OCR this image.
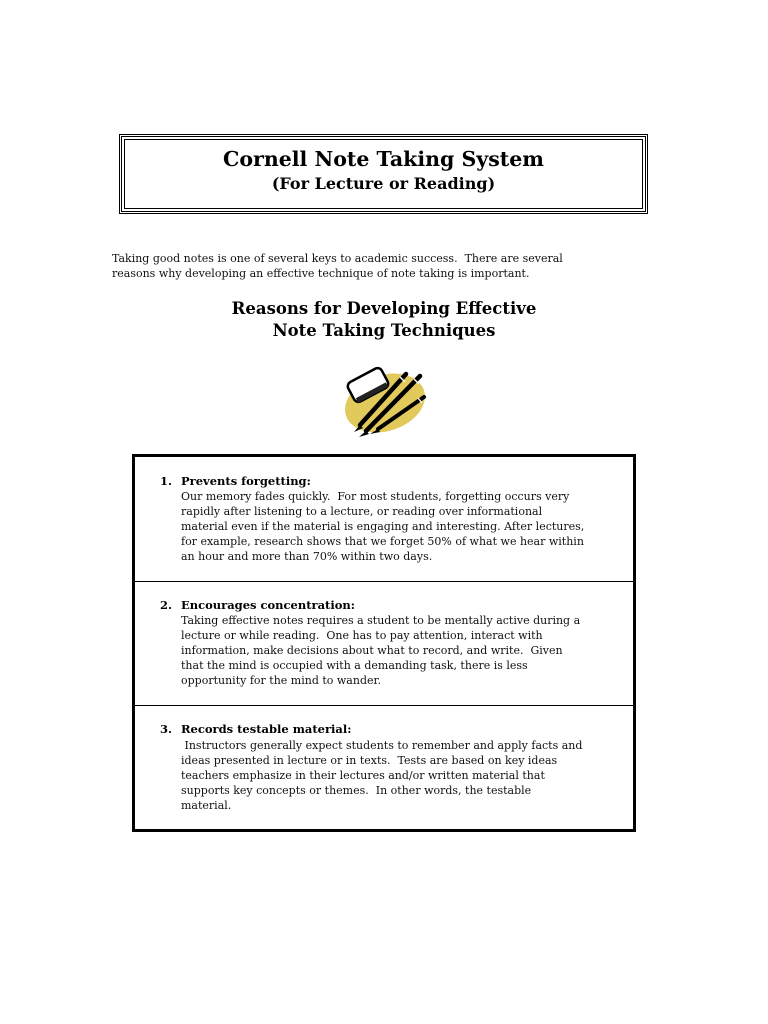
Cornell Note Taking System
(For Lecture or Reading)
Taking good notes is one of several keys to academic success.  There are several
reasons why developing an effective technique of note taking is important.
Reasons for Developing Effective
Note Taking Techniques
1. Prevents forgetting:
Our memory fades quickly.  For most students, forgetting occurs very
rapidly after listening to a lecture, or reading over informational
material even if the material is engaging and interesting. After lectures,
for example, research shows that we forget 50% of what we hear within
an hour and more than 70% within two days.
2. Encourages concentration:
Taking effective notes requires a student to be mentally active during a
lecture or while reading.  One has to pay attention, interact with
information, make decisions about what to record, and write.  Given
that the mind is occupied with a demanding task, there is less
opportunity for the mind to wander.
3. Records testable material:
Instructors generally expect students to remember and apply facts and
ideas presented in lecture or in texts.  Tests are based on key ideas
teachers emphasize in their lectures and/or written material that
supports key concepts or themes.  In other words, the testable
material.
